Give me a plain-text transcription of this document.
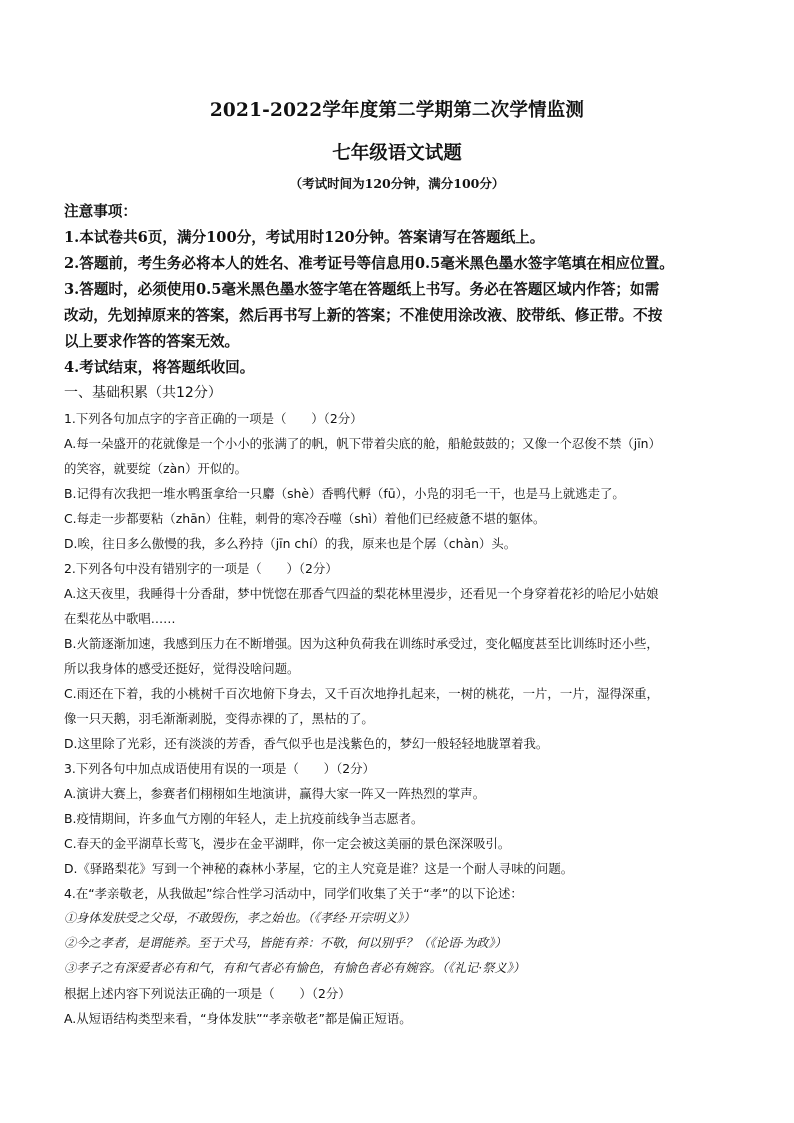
2021-2022学年度第二学期第二次学情监测
七年级语文试题
（考试时间为120分钟，满分100分）
注意事项：
1.本试卷共6页，满分100分，考试用时120分钟。答案请写在答题纸上。
2.答题前，考生务必将本人的姓名、准考证号等信息用0.5毫米黑色墨水签字笔填在相应位置。
3.答题时，必须使用0.5毫米黑色墨水签字笔在答题纸上书写。务必在答题区域内作答；如需
改动，先划掉原来的答案，然后再书写上新的答案；不准使用涂改液、胶带纸、修正带。不按
以上要求作答的答案无效。
4.考试结束，将答题纸收回。
一、基础积累（共12分）
1.下列各句加点字的字音正确的一项是（　　）（2分）
A.每一朵盛开的花就像是一个小小的张满了的帆，帆下带着尖底的舱，船舱鼓鼓的；又像一个忍俊不禁（jīn）
的笑容，就要绽（zàn）开似的。
B.记得有次我把一堆水鸭蛋拿给一只麝（shè）香鸭代孵（fū），小凫的羽毛一干，也是马上就逃走了。
C.每走一步都要粘（zhān）住鞋，刺骨的寒冷吞噬（shì）着他们已经疲惫不堪的躯体。
D.唉，往日多么傲慢的我，多么矜持（jīn chí）的我，原来也是个孱（chàn）头。
2.下列各句中没有错别字的一项是（　　）（2分）
A.这天夜里，我睡得十分香甜，梦中恍惚在那香气四益的梨花林里漫步，还看见一个身穿着花衫的哈尼小姑娘
在梨花丛中歌唱……
B.火箭逐渐加速，我感到压力在不断增强。因为这种负荷我在训练时承受过，变化幅度甚至比训练时还小些，
所以我身体的感受还挺好，觉得没啥问题。
C.雨还在下着，我的小桃树千百次地俯下身去，又千百次地挣扎起来，一树的桃花，一片，一片，湿得深重，
像一只天鹅，羽毛渐渐剥脱，变得赤裸的了，黑枯的了。
D.这里除了光彩，还有淡淡的芳香，香气似乎也是浅紫色的，梦幻一般轻轻地胧罩着我。
3.下列各句中加点成语使用有误的一项是（　　）（2分）
A.演讲大赛上，参赛者们栩栩如生地演讲，赢得大家一阵又一阵热烈的掌声。
B.疫情期间，许多血气方刚的年轻人，走上抗疫前线争当志愿者。
C.春天的金平湖草长莺飞，漫步在金平湖畔，你一定会被这美丽的景色深深吸引。
D.《驿路梨花》写到一个神秘的森林小茅屋，它的主人究竟是谁？这是一个耐人寻味的问题。
4.在“孝亲敬老，从我做起”综合性学习活动中，同学们收集了关于“孝”的以下论述：
①身体发肤受之父母，不敢毁伤，孝之始也。（《孝经·开宗明义》）
②今之孝者，是谓能养。至于犬马，皆能有养：不敬，何以别乎？（《论语·为政》）
③孝子之有深爱者必有和气，有和气者必有愉色，有愉色者必有婉容。（《礼记·祭义》）
根据上述内容下列说法正确的一项是（　　）（2分）
A.从短语结构类型来看，“身体发肤”“孝亲敬老”都是偏正短语。
